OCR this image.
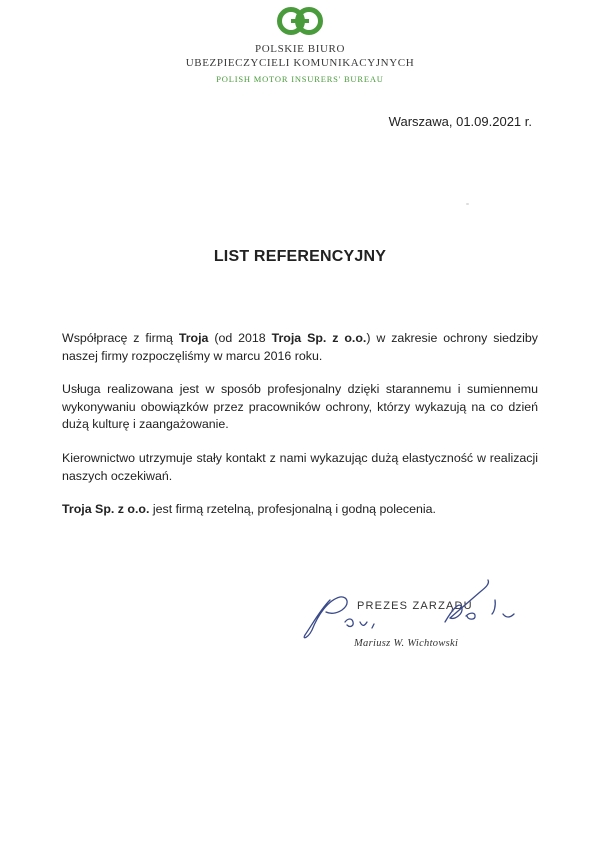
POLSKIE BIURO
UBEZPIECZYCIELI KOMUNIKACYJNYCH
POLISH MOTOR INSURERS' BUREAU
Warszawa, 01.09.2021 r.
LIST REFERENCYJNY

Współpracę z firmą Troja (od 2018 Troja Sp. z o.o.) w zakresie ochrony siedziby naszej firmy rozpoczęliśmy w marcu 2016 roku.

Usługa realizowana jest w sposób profesjonalny dzięki starannemu i sumiennemu wykonywaniu obowiązków przez pracowników ochrony, którzy wykazują na co dzień dużą kulturę i zaangażowanie.

Kierownictwo utrzymuje stały kontakt z nami wykazując dużą elastyczność w realizacji naszych oczekiwań.

Troja Sp. z o.o. jest firmą rzetelną, profesjonalną i godną polecenia.

PREZES ZARZĄDU
Mariusz W. Wichtowski
